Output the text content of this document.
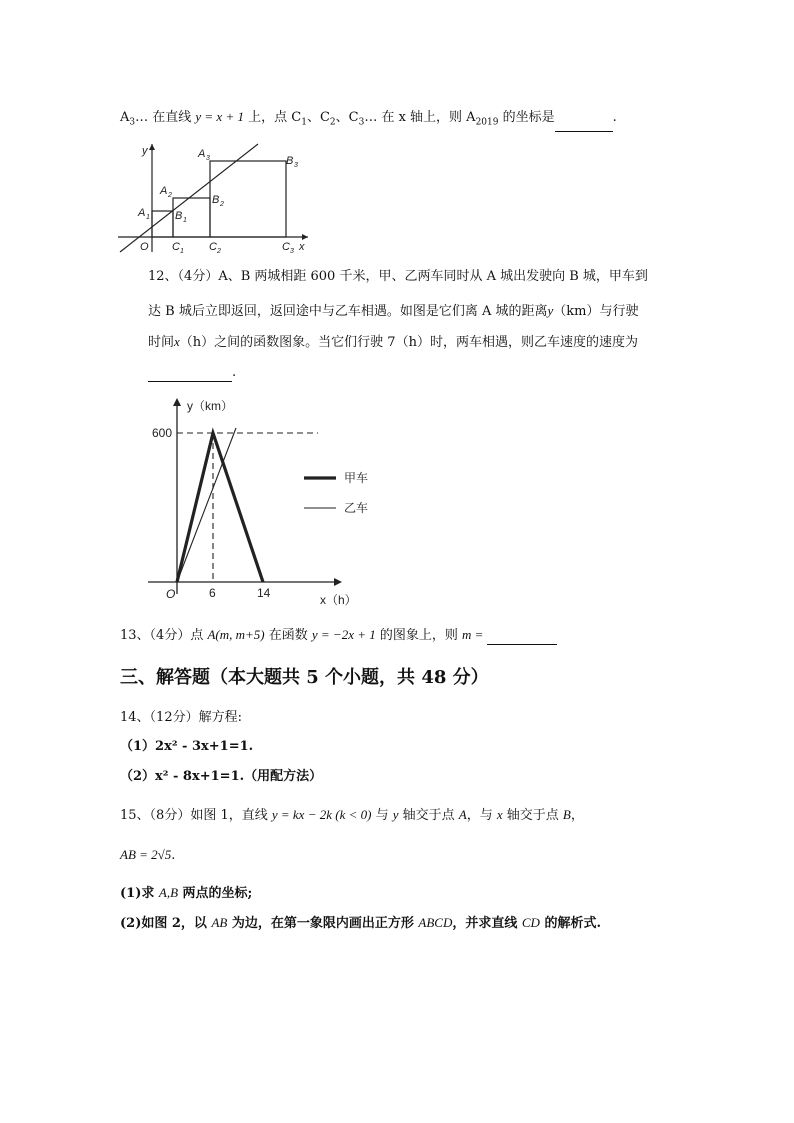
$A_3\dots$ 在直线 y = x + 1 上，点 $C_1$、$C_2$、$C_3\dots$ 在 x 轴上，则 $A_{2019}$ 的坐标是	.
x
y
O
A 1
A 2
A 3
B 1
B 2
B 3
C 1 C 2	C 3
12、（4分）A、B 两城相距 600 千米，甲、乙两车同时从 A 城出发驶向 B 城，甲车到
达 B 城后立即返回，返回途中与乙车相遇。如图是它们离 A 城的距离y（km）与行驶
时间x（h）之间的函数图象。当它们行驶 7（h）时，两车相遇，则乙车速度的速度为
.
y（km）
x（h）
O
600
6	14
甲车
乙车
13、（4分）点 A(m, m+5) 在函数 y = −2x + 1 的图象上，则 m =
三、解答题（本大题共 5 个小题，共 48 分）
14、（12分）解方程:
（1）2x² - 3x+1=1.
（2）x² - 8x+1=1.（用配方法）
15、（8分）如图 1，直线 y = kx − 2k (k < 0) 与 y 轴交于点 A，与 x 轴交于点 B，
AB = 2√5.
(1)求 A,B 两点的坐标;
(2)如图 2，以 AB 为边，在第一象限内画出正方形 ABCD，并求直线 CD 的解析式.
